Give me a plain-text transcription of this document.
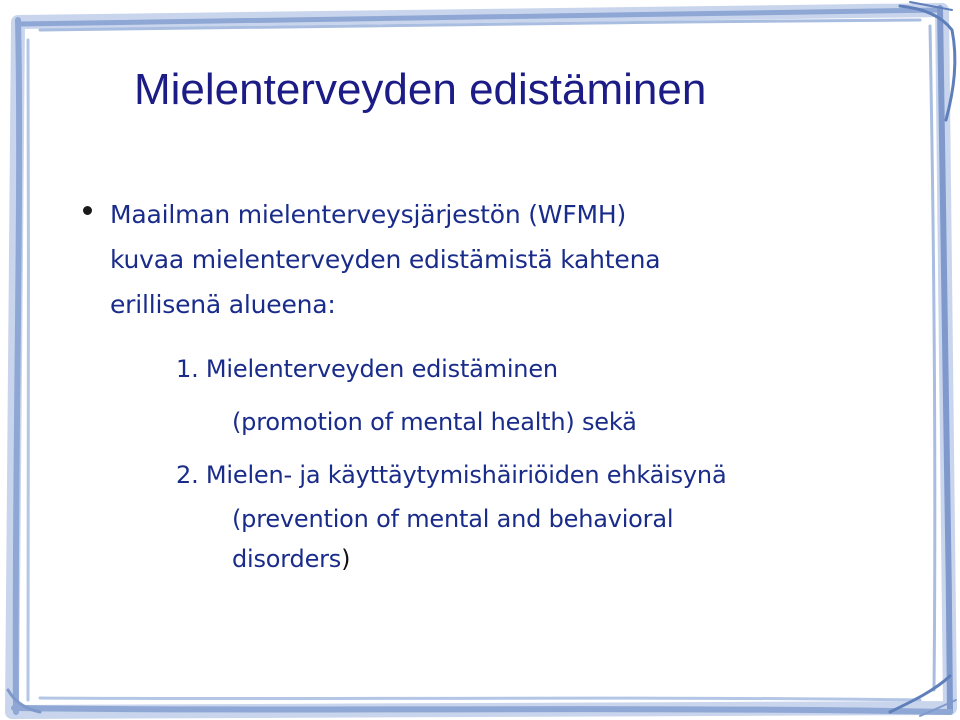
Mielenterveyden edistäminen
Maailman mielenterveysjärjestön (WFMH)
kuvaa mielenterveyden edistämistä kahtena
erillisenä alueena:
1. Mielenterveyden edistäminen
(promotion of mental health) sekä
2. Mielen- ja käyttäytymishäiriöiden ehkäisynä
(prevention of mental and behavioral
disorders)
